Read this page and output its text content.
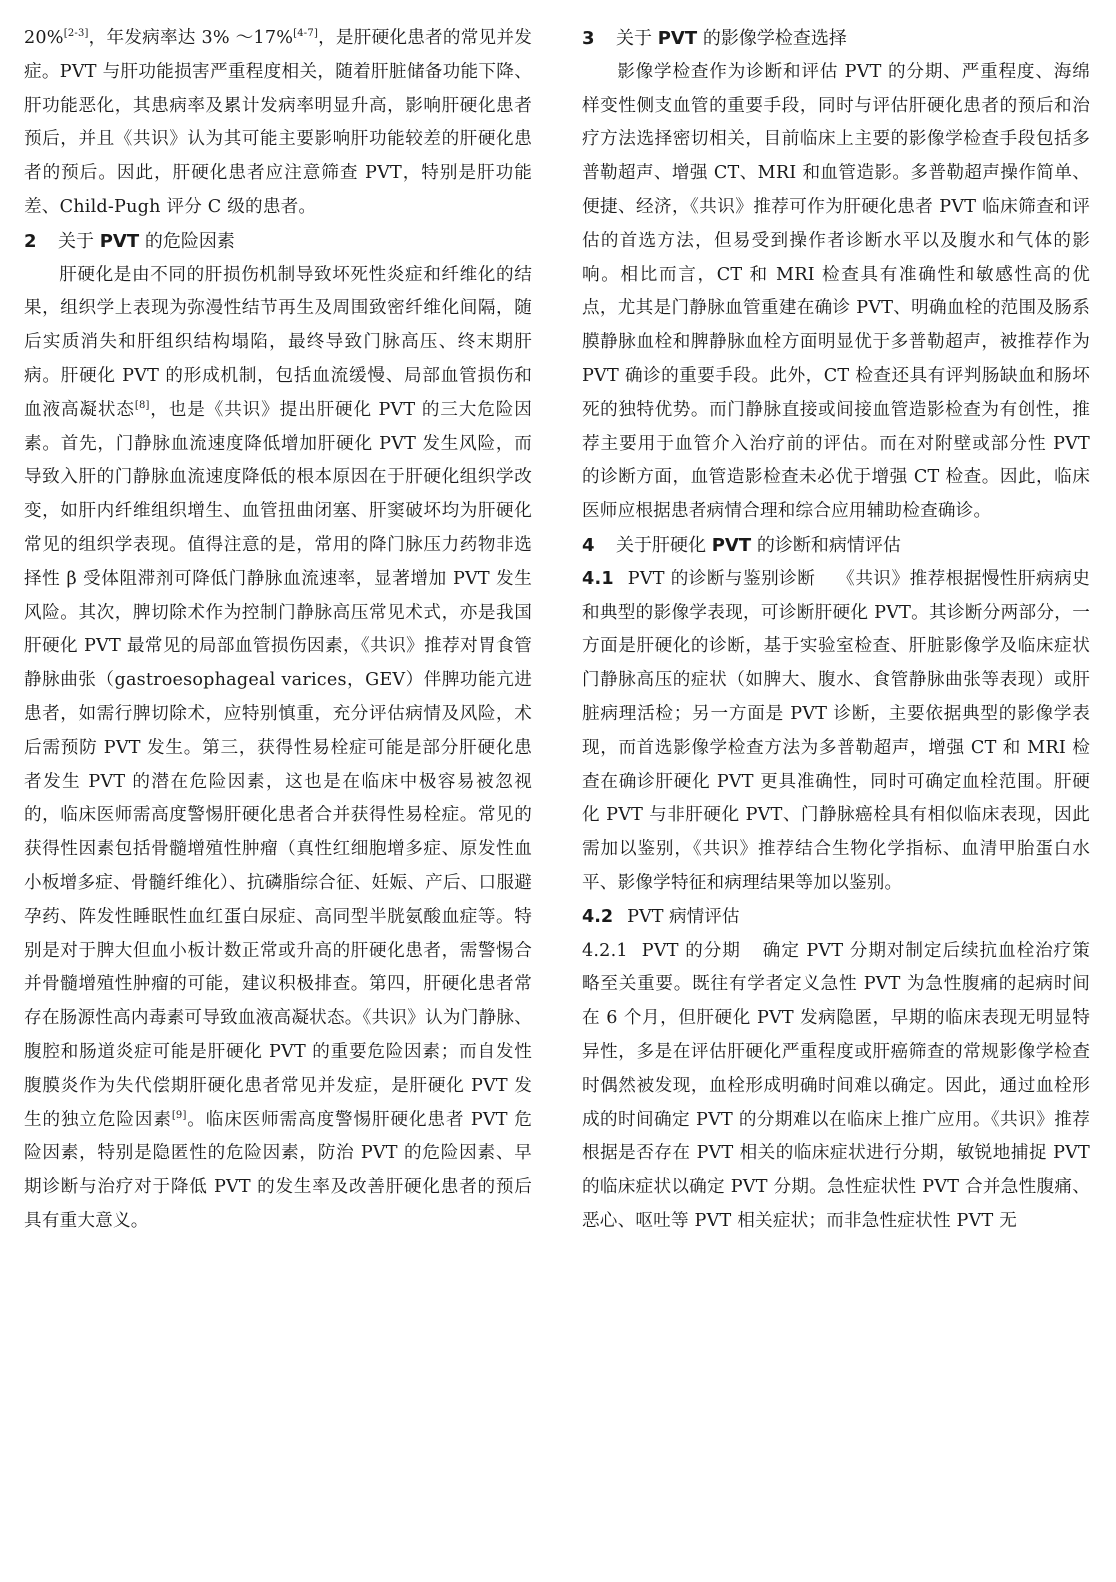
20%[2-3]，年发病率达 3% ～17%[4-7]，是肝硬化患者的常见并发症。PVT 与肝功能损害严重程度相关，随着肝脏储备功能下降、肝功能恶化，其患病率及累计发病率明显升高，影响肝硬化患者预后，并且《共识》认为其可能主要影响肝功能较差的肝硬化患者的预后。因此，肝硬化患者应注意筛查 PVT，特别是肝功能差、Child-Pugh 评分 C 级的患者。

2 关于 PVT 的危险因素

肝硬化是由不同的肝损伤机制导致坏死性炎症和纤维化的结果，组织学上表现为弥漫性结节再生及周围致密纤维化间隔，随后实质消失和肝组织结构塌陷，最终导致门脉高压、终末期肝病。肝硬化 PVT 的形成机制，包括血流缓慢、局部血管损伤和血液高凝状态[8]，也是《共识》提出肝硬化 PVT 的三大危险因素。首先，门静脉血流速度降低增加肝硬化 PVT 发生风险，而导致入肝的门静脉血流速度降低的根本原因在于肝硬化组织学改变，如肝内纤维组织增生、血管扭曲闭塞、肝窦破坏均为肝硬化常见的组织学表现。值得注意的是，常用的降门脉压力药物非选择性 β 受体阻滞剂可降低门静脉血流速率，显著增加 PVT 发生风险。其次，脾切除术作为控制门静脉高压常见术式，亦是我国肝硬化 PVT 最常见的局部血管损伤因素，《共识》推荐对胃食管静脉曲张（gastroesophageal varices，GEV）伴脾功能亢进患者，如需行脾切除术，应特别慎重，充分评估病情及风险，术后需预防 PVT 发生。第三，获得性易栓症可能是部分肝硬化患者发生 PVT 的潜在危险因素，这也是在临床中极容易被忽视的，临床医师需高度警惕肝硬化患者合并获得性易栓症。常见的获得性因素包括骨髓增殖性肿瘤（真性红细胞增多症、原发性血小板增多症、骨髓纤维化）、抗磷脂综合征、妊娠、产后、口服避孕药、阵发性睡眠性血红蛋白尿症、高同型半胱氨酸血症等。特别是对于脾大但血小板计数正常或升高的肝硬化患者，需警惕合并骨髓增殖性肿瘤的可能，建议积极排查。第四，肝硬化患者常存在肠源性高内毒素可导致血液高凝状态。《共识》认为门静脉、腹腔和肠道炎症可能是肝硬化 PVT 的重要危险因素；而自发性腹膜炎作为失代偿期肝硬化患者常见并发症，是肝硬化 PVT 发生的独立危险因素[9]。临床医师需高度警惕肝硬化患者 PVT 危险因素，特别是隐匿性的危险因素，防治 PVT 的危险因素、早期诊断与治疗对于降低 PVT 的发生率及改善肝硬化患者的预后具有重大意义。

3 关于 PVT 的影像学检查选择

影像学检查作为诊断和评估 PVT 的分期、严重程度、海绵样变性侧支血管的重要手段，同时与评估肝硬化患者的预后和治疗方法选择密切相关，目前临床上主要的影像学检查手段包括多普勒超声、增强 CT、MRI 和血管造影。多普勒超声操作简单、便捷、经济，《共识》推荐可作为肝硬化患者 PVT 临床筛查和评估的首选方法，但易受到操作者诊断水平以及腹水和气体的影响。相比而言，CT 和 MRI 检查具有准确性和敏感性高的优点，尤其是门静脉血管重建在确诊 PVT、明确血栓的范围及肠系膜静脉血栓和脾静脉血栓方面明显优于多普勒超声，被推荐作为 PVT 确诊的重要手段。此外，CT 检查还具有评判肠缺血和肠坏死的独特优势。而门静脉直接或间接血管造影检查为有创性，推荐主要用于血管介入治疗前的评估。而在对附壁或部分性 PVT 的诊断方面，血管造影检查未必优于增强 CT 检查。因此，临床医师应根据患者病情合理和综合应用辅助检查确诊。

4 关于肝硬化 PVT 的诊断和病情评估

4.1 PVT 的诊断与鉴别诊断 《共识》推荐根据慢性肝病病史和典型的影像学表现，可诊断肝硬化 PVT。其诊断分两部分，一方面是肝硬化的诊断，基于实验室检查、肝脏影像学及临床症状门静脉高压的症状（如脾大、腹水、食管静脉曲张等表现）或肝脏病理活检；另一方面是 PVT 诊断，主要依据典型的影像学表现，而首选影像学检查方法为多普勒超声，增强 CT 和 MRI 检查在确诊肝硬化 PVT 更具准确性，同时可确定血栓范围。肝硬化 PVT 与非肝硬化 PVT、门静脉癌栓具有相似临床表现，因此需加以鉴别，《共识》推荐结合生物化学指标、血清甲胎蛋白水平、影像学特征和病理结果等加以鉴别。

4.2 PVT 病情评估

4.2.1 PVT 的分期 确定 PVT 分期对制定后续抗血栓治疗策略至关重要。既往有学者定义急性 PVT 为急性腹痛的起病时间在 6 个月，但肝硬化 PVT 发病隐匿，早期的临床表现无明显特异性，多是在评估肝硬化严重程度或肝癌筛查的常规影像学检查时偶然被发现，血栓形成明确时间难以确定。因此，通过血栓形成的时间确定 PVT 的分期难以在临床上推广应用。《共识》推荐根据是否存在 PVT 相关的临床症状进行分期，敏锐地捕捉 PVT 的临床症状以确定 PVT 分期。急性症状性 PVT 合并急性腹痛、恶心、呕吐等 PVT 相关症状；而非急性症状性 PVT 无
